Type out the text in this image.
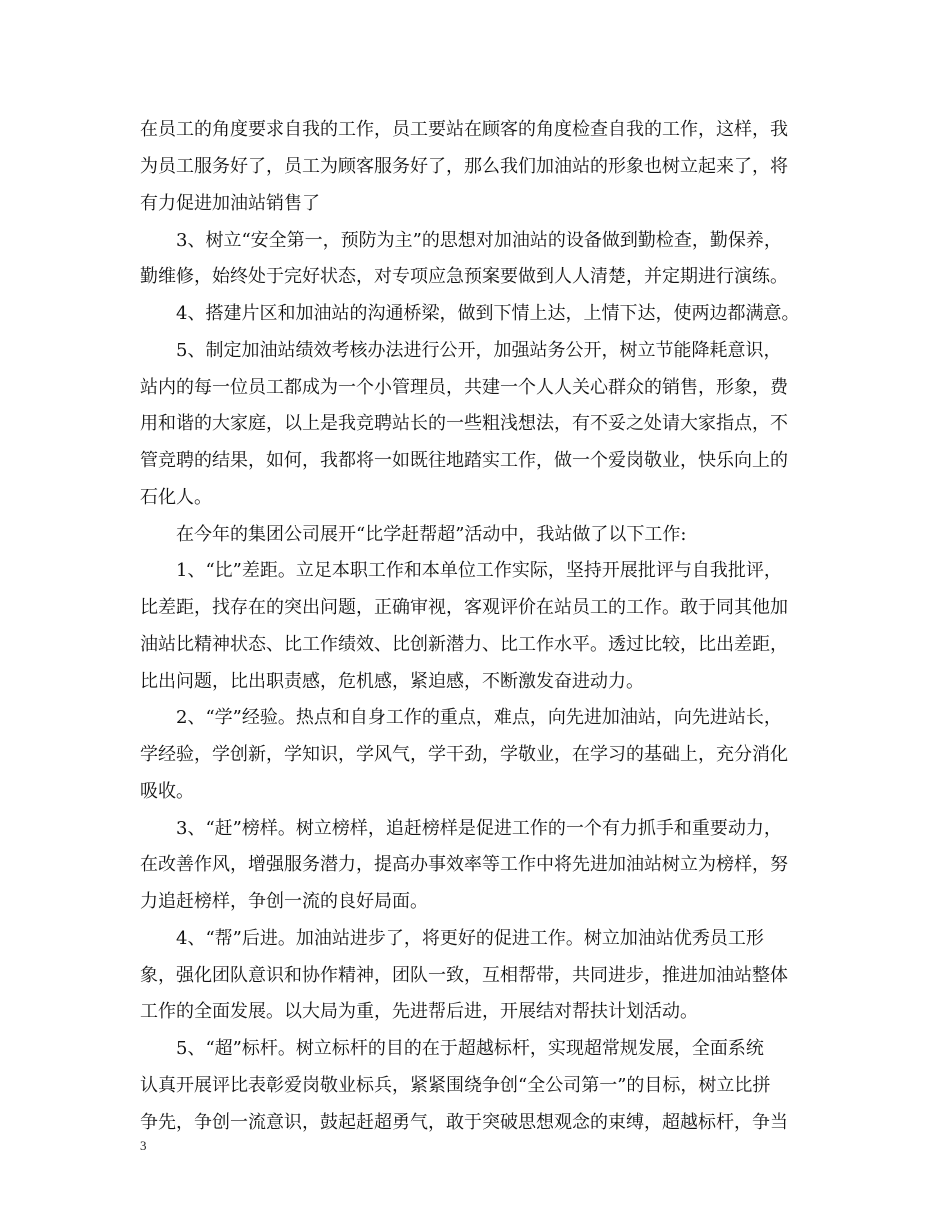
在员工的角度要求自我的工作，员工要站在顾客的角度检查自我的工作，这样，我
为员工服务好了，员工为顾客服务好了，那么我们加油站的形象也树立起来了，将
有力促进加油站销售了
3、树立“安全第一，预防为主”的思想对加油站的设备做到勤检查，勤保养，
勤维修，始终处于完好状态，对专项应急预案要做到人人清楚，并定期进行演练。
4、搭建片区和加油站的沟通桥梁，做到下情上达，上情下达，使两边都满意。
5、制定加油站绩效考核办法进行公开，加强站务公开，树立节能降耗意识，
站内的每一位员工都成为一个小管理员，共建一个人人关心群众的销售，形象，费
用和谐的大家庭，以上是我竞聘站长的一些粗浅想法，有不妥之处请大家指点，不
管竞聘的结果，如何，我都将一如既往地踏实工作，做一个爱岗敬业，快乐向上的
石化人。
在今年的集团公司展开“比学赶帮超”活动中，我站做了以下工作:
1、“比”差距。立足本职工作和本单位工作实际，坚持开展批评与自我批评，
比差距，找存在的突出问题，正确审视，客观评价在站员工的工作。敢于同其他加
油站比精神状态、比工作绩效、比创新潜力、比工作水平。透过比较，比出差距，
比出问题，比出职责感，危机感，紧迫感，不断激发奋进动力。
2、“学”经验。热点和自身工作的重点，难点，向先进加油站，向先进站长，
学经验，学创新，学知识，学风气，学干劲，学敬业，在学习的基础上，充分消化
吸收。
3、“赶”榜样。树立榜样，追赶榜样是促进工作的一个有力抓手和重要动力，
在改善作风，增强服务潜力，提高办事效率等工作中将先进加油站树立为榜样，努
力追赶榜样，争创一流的良好局面。
4、“帮”后进。加油站进步了，将更好的促进工作。树立加油站优秀员工形
象，强化团队意识和协作精神，团队一致，互相帮带，共同进步，推进加油站整体
工作的全面发展。以大局为重，先进帮后进，开展结对帮扶计划活动。
5、“超”标杆。树立标杆的目的在于超越标杆，实现超常规发展，全面系统
认真开展评比表彰爱岗敬业标兵，紧紧围绕争创“全公司第一”的目标，树立比拼
争先，争创一流意识，鼓起赶超勇气，敢于突破思想观念的束缚，超越标杆，争当
3
